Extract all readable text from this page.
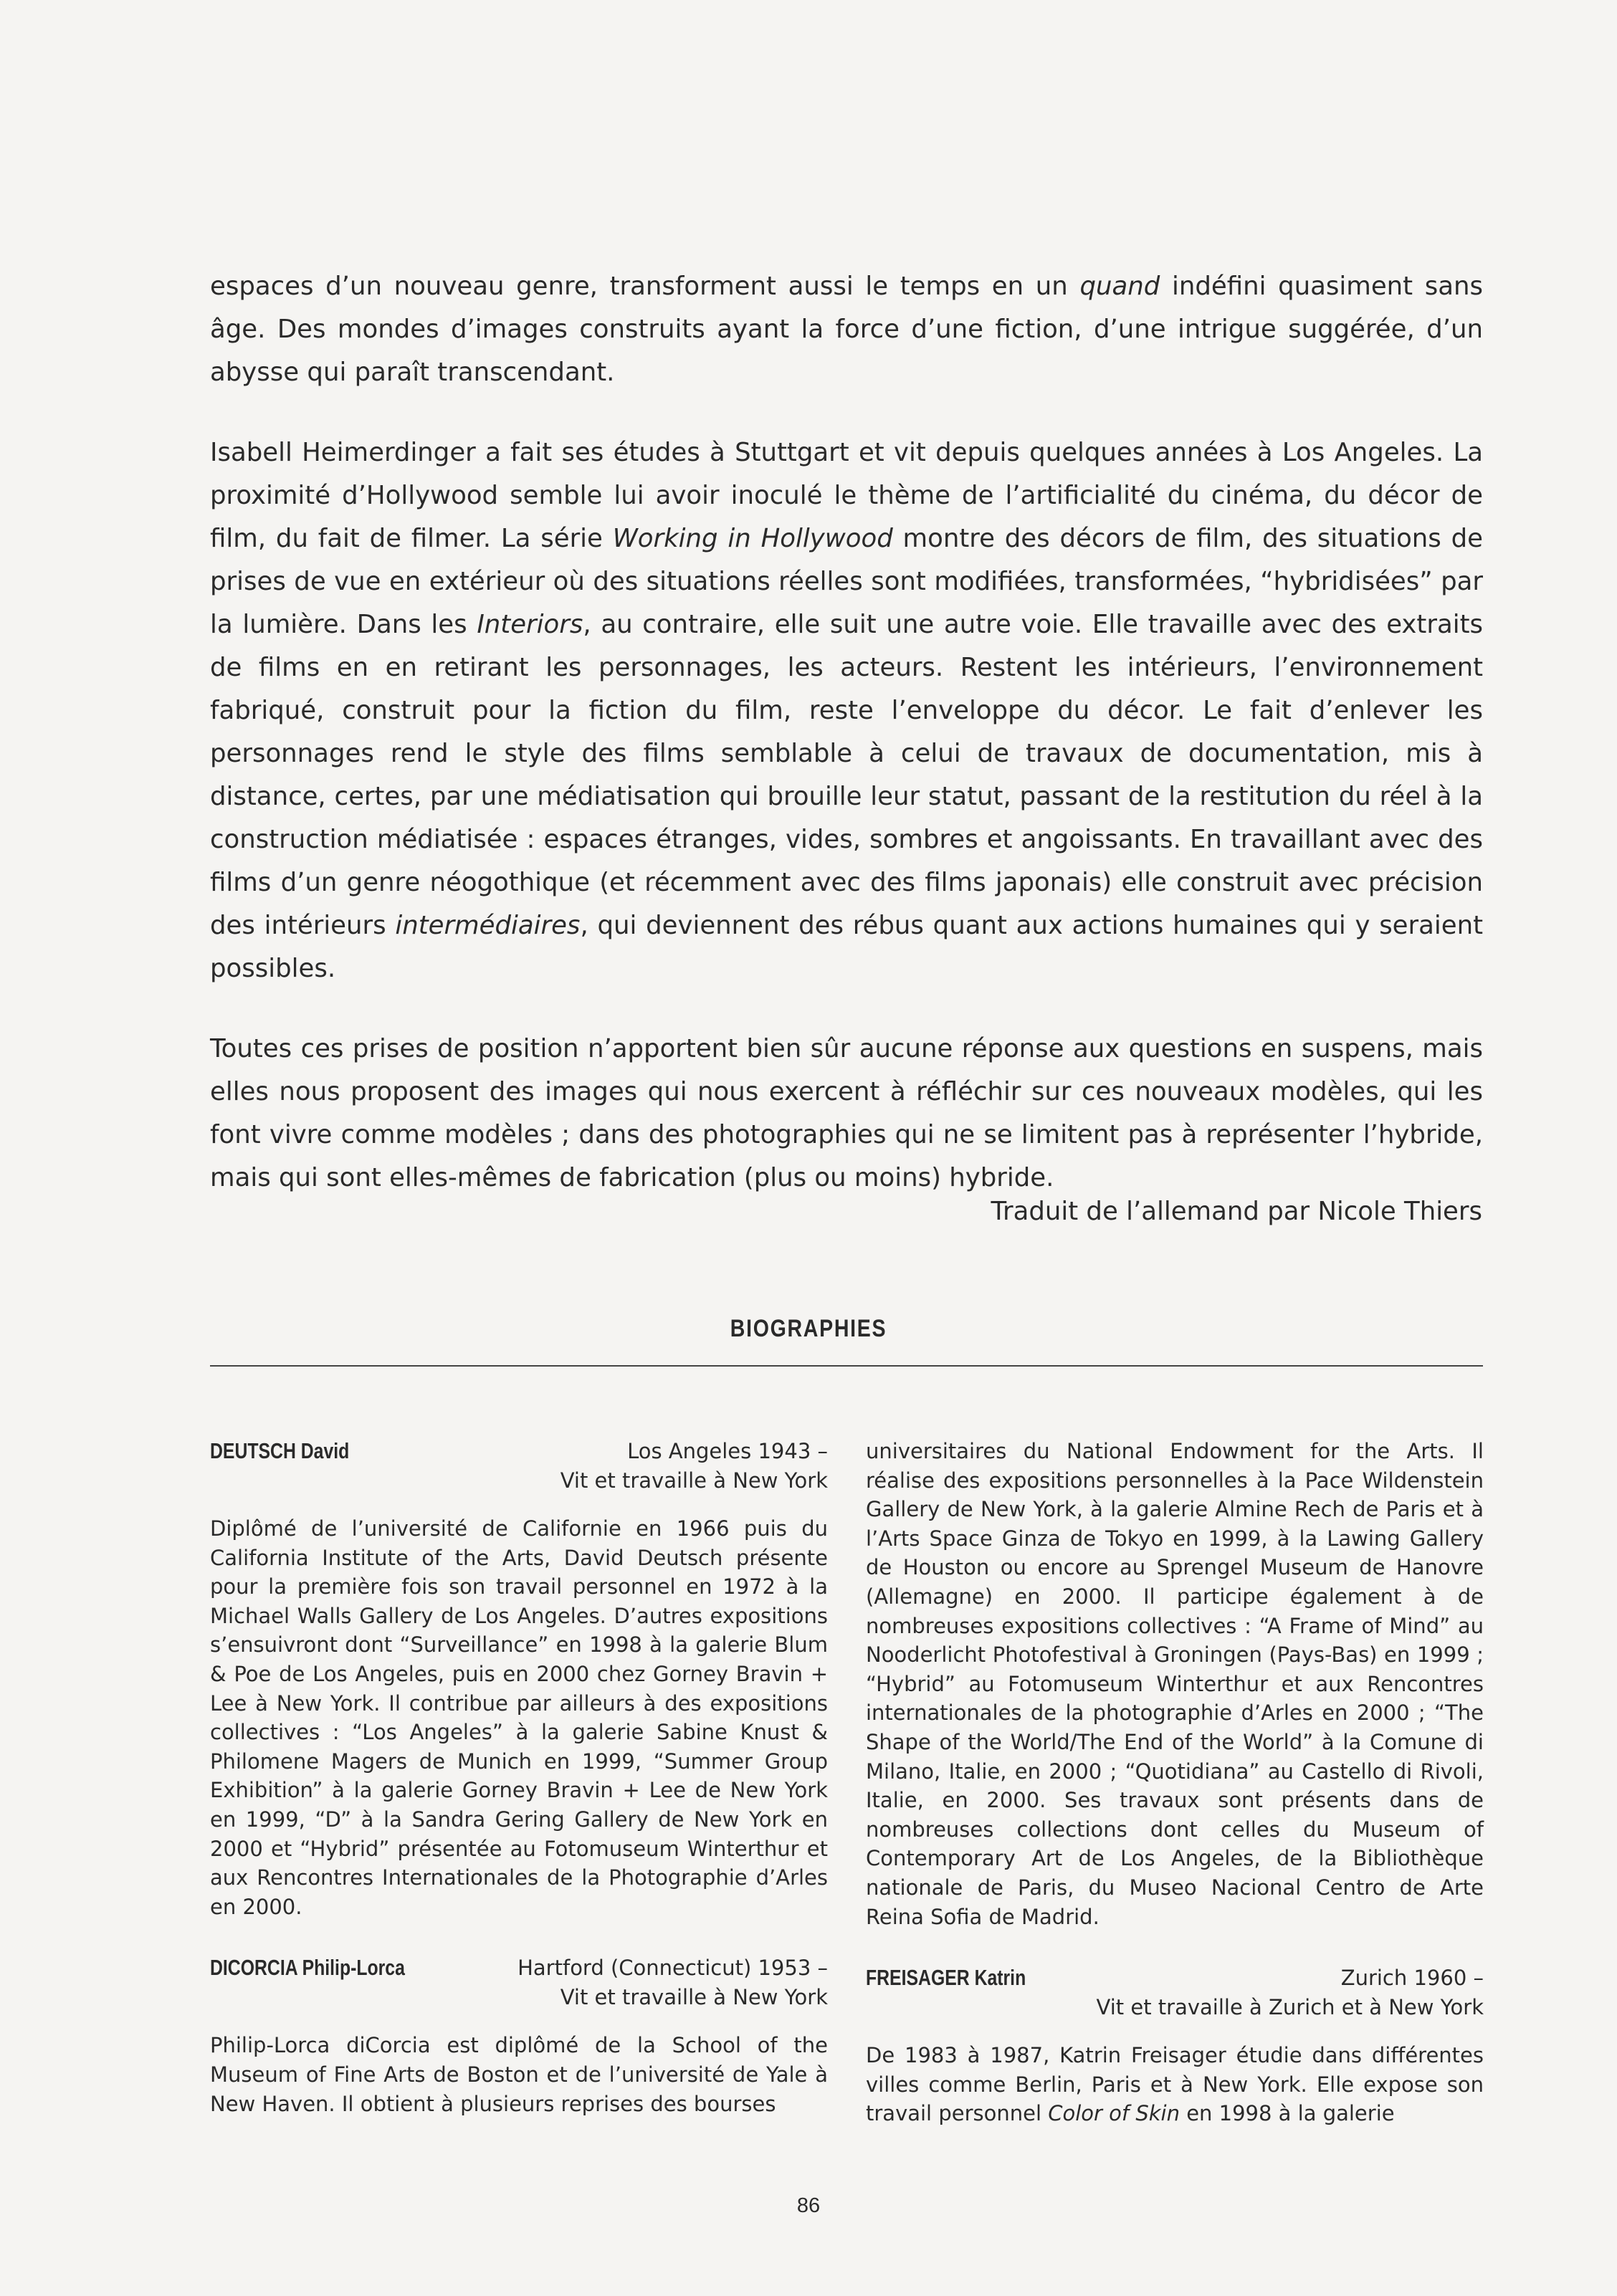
espaces d’un nouveau genre, transforment aussi le temps en un quand indéfini quasiment sans âge. Des mondes d’images construits ayant la force d’une fiction, d’une intrigue suggérée, d’un abysse qui paraît transcendant.

Isabell Heimerdinger a fait ses études à Stuttgart et vit depuis quelques années à Los Angeles. La proximité d’Hollywood semble lui avoir inoculé le thème de l’artificialité du cinéma, du décor de film, du fait de filmer. La série Working in Hollywood montre des décors de film, des situations de prises de vue en extérieur où des situations réelles sont modifiées, transformées, “hybridisées” par la lumière. Dans les Interiors, au contraire, elle suit une autre voie. Elle travaille avec des extraits de films en en retirant les personnages, les acteurs. Restent les intérieurs, l’environnement fabriqué, construit pour la fiction du film, reste l’enveloppe du décor. Le fait d’enlever les personnages rend le style des films semblable à celui de travaux de documentation, mis à distance, certes, par une médiatisation qui brouille leur statut, passant de la restitution du réel à la construction médiatisée : espaces étranges, vides, sombres et angoissants. En travaillant avec des films d’un genre néogothique (et récemment avec des films japonais) elle construit avec précision des intérieurs intermédiaires, qui deviennent des rébus quant aux actions humaines qui y seraient possibles.

Toutes ces prises de position n’apportent bien sûr aucune réponse aux questions en suspens, mais elles nous proposent des images qui nous exercent à réfléchir sur ces nouveaux modèles, qui les font vivre comme modèles ; dans des photographies qui ne se limitent pas à représenter l’hybride, mais qui sont elles-mêmes de fabrication (plus ou moins) hybride.

Traduit de l’allemand par Nicole Thiers
BIOGRAPHIES
DEUTSCH David	Los Angeles 1943 –
Vit et travaille à New York
Diplômé de l’université de Californie en 1966 puis du California Institute of the Arts, David Deutsch présente pour la première fois son travail personnel en 1972 à la Michael Walls Gallery de Los Angeles. D’autres expositions s’ensuivront dont “Surveillance” en 1998 à la galerie Blum & Poe de Los Angeles, puis en 2000 chez Gorney Bravin + Lee à New York. Il contribue par ailleurs à des expositions collectives : “Los Angeles” à la galerie Sabine Knust & Philomene Magers de Munich en 1999, “Summer Group Exhibition” à la galerie Gorney Bravin + Lee de New York en 1999, “D” à la Sandra Gering Gallery de New York en 2000 et “Hybrid” présentée au Fotomuseum Winterthur et aux Rencontres Internationales de la Photographie d’Arles en 2000.
DICORCIA Philip-Lorca	Hartford (Connecticut) 1953 –
Vit et travaille à New York
Philip-Lorca diCorcia est diplômé de la School of the Museum of Fine Arts de Boston et de l’université de Yale à New Haven. Il obtient à plusieurs reprises des bourses
universitaires du National Endowment for the Arts. Il réalise des expositions personnelles à la Pace Wildenstein Gallery de New York, à la galerie Almine Rech de Paris et à l’Arts Space Ginza de Tokyo en 1999, à la Lawing Gallery de Houston ou encore au Sprengel Museum de Hanovre (Allemagne) en 2000. Il participe également à de nombreuses expositions collectives : “A Frame of Mind” au Nooderlicht Photofestival à Groningen (Pays-Bas) en 1999 ; “Hybrid” au Fotomuseum Winterthur et aux Rencontres internationales de la photographie d’Arles en 2000 ; “The Shape of the World/The End of the World” à la Comune di Milano, Italie, en 2000 ; “Quotidiana” au Castello di Rivoli, Italie, en 2000. Ses travaux sont présents dans de nombreuses collections dont celles du Museum of Contemporary Art de Los Angeles, de la Bibliothèque nationale de Paris, du Museo Nacional Centro de Arte Reina Sofia de Madrid.
FREISAGER Katrin	Zurich 1960 –
Vit et travaille à Zurich et à New York
De 1983 à 1987, Katrin Freisager étudie dans différentes villes comme Berlin, Paris et à New York. Elle expose son travail personnel Color of Skin en 1998 à la galerie
86
